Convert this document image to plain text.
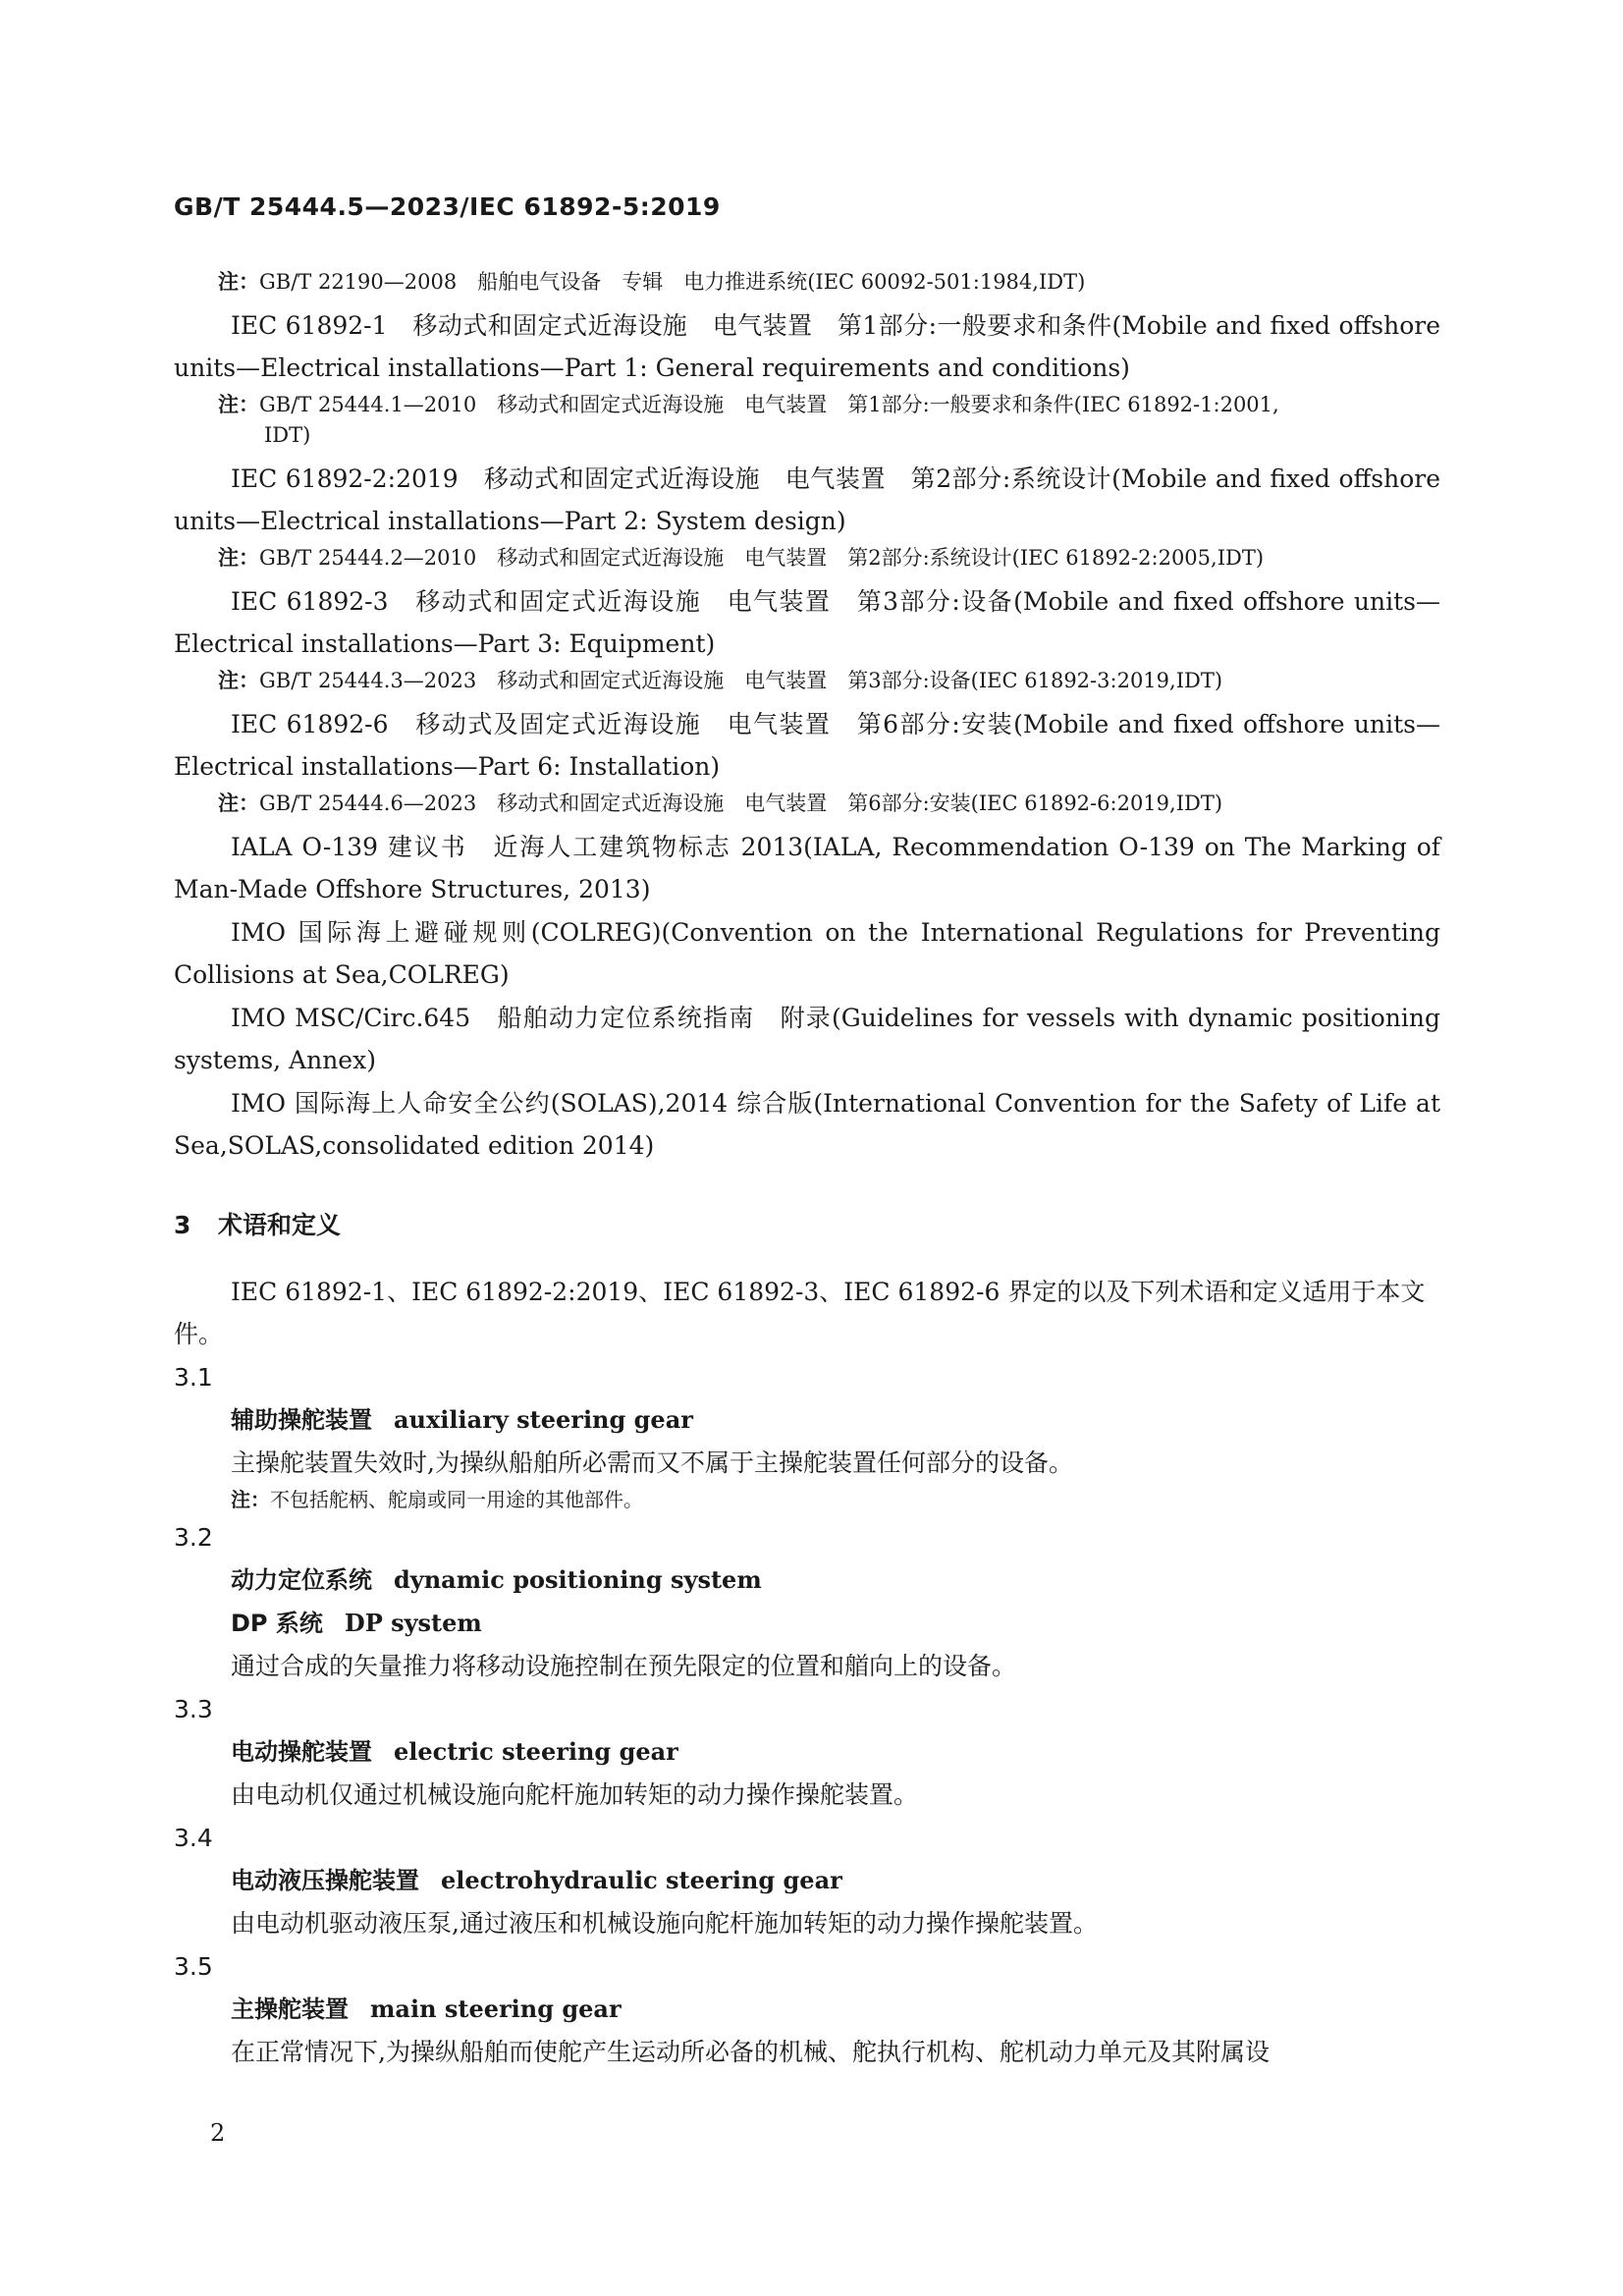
GB/T 25444.5—2023/IEC 61892-5:2019
注：GB/T 22190—2008　船舶电气设备　专辑　电力推进系统(IEC 60092-501:1984,IDT)

IEC 61892-1　移动式和固定式近海设施　电气装置　第1部分:一般要求和条件(Mobile and fixed offshore units—Electrical installations—Part 1: General requirements and conditions)

注：GB/T 25444.1—2010　移动式和固定式近海设施　电气装置　第1部分:一般要求和条件(IEC 61892-1:2001,
IDT)

IEC 61892-2:2019　移动式和固定式近海设施　电气装置　第2部分:系统设计(Mobile and fixed offshore units—Electrical installations—Part 2: System design)

注：GB/T 25444.2—2010　移动式和固定式近海设施　电气装置　第2部分:系统设计(IEC 61892-2:2005,IDT)

IEC 61892-3　移动式和固定式近海设施　电气装置　第3部分:设备(Mobile and fixed offshore units—Electrical installations—Part 3: Equipment)

注：GB/T 25444.3—2023　移动式和固定式近海设施　电气装置　第3部分:设备(IEC 61892-3:2019,IDT)

IEC 61892-6　移动式及固定式近海设施　电气装置　第6部分:安装(Mobile and fixed offshore units—Electrical installations—Part 6: Installation)

注：GB/T 25444.6—2023　移动式和固定式近海设施　电气装置　第6部分:安装(IEC 61892-6:2019,IDT)

IALA O-139 建议书　近海人工建筑物标志 2013(IALA, Recommendation O-139 on The Marking of Man-Made Offshore Structures, 2013)

IMO 国际海上避碰规则(COLREG)(Convention on the International Regulations for Preventing Collisions at Sea,COLREG)

IMO MSC/Circ.645　船舶动力定位系统指南　附录(Guidelines for vessels with dynamic positioning systems, Annex)

IMO 国际海上人命安全公约(SOLAS),2014 综合版(International Convention for the Safety of Life at Sea,SOLAS,consolidated edition 2014)

3 术语和定义

IEC 61892-1、IEC 61892-2:2019、IEC 61892-3、IEC 61892-6 界定的以及下列术语和定义适用于本文件。

3.1
辅助操舵装置 auxiliary steering gear
主操舵装置失效时,为操纵船舶所必需而又不属于主操舵装置任何部分的设备。
注：不包括舵柄、舵扇或同一用途的其他部件。
3.2
动力定位系统 dynamic positioning system
DP 系统 DP system
通过合成的矢量推力将移动设施控制在预先限定的位置和艏向上的设备。
3.3
电动操舵装置 electric steering gear
由电动机仅通过机械设施向舵杆施加转矩的动力操作操舵装置。
3.4
电动液压操舵装置 electrohydraulic steering gear
由电动机驱动液压泵,通过液压和机械设施向舵杆施加转矩的动力操作操舵装置。
3.5
主操舵装置 main steering gear
在正常情况下,为操纵船舶而使舵产生运动所必备的机械、舵执行机构、舵机动力单元及其附属设
2
